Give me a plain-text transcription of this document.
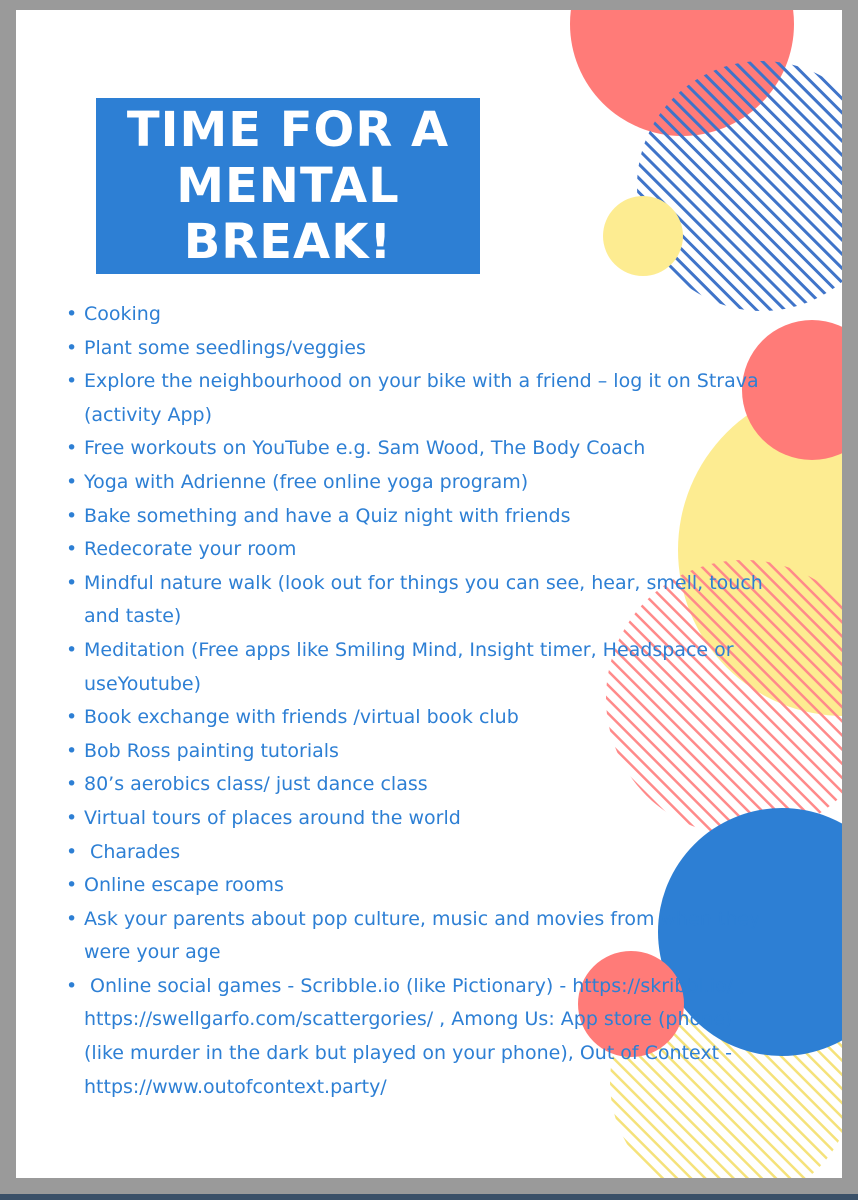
TIME FOR A MENTAL BREAK!
• Cooking
• Plant some seedlings/veggies
• Explore the neighbourhood on your bike with a friend – log it on Strava (activity App)
• Free workouts on YouTube e.g. Sam Wood, The Body Coach
• Yoga with Adrienne (free online yoga program)
• Bake something and have a Quiz night with friends
• Redecorate your room
• Mindful nature walk (look out for things you can see, hear, smell, touch and taste)
• Meditation (Free apps like Smiling Mind, Insight timer, Headspace or useYoutube)
• Book exchange with friends /virtual book club
• Bob Ross painting tutorials
• 80’s aerobics class/ just dance class
• Virtual tours of places around the world
• Charades
• Online escape rooms
• Ask your parents about pop culture, music and movies from when they were your age
• Online social games - Scribble.io (like Pictionary) - https://skribbl.io/ , https://swellgarfo.com/scattergories/ , Among Us: App store (phone) – (like murder in the dark but played on your phone), Out of Context - https://www.outofcontext.party/
